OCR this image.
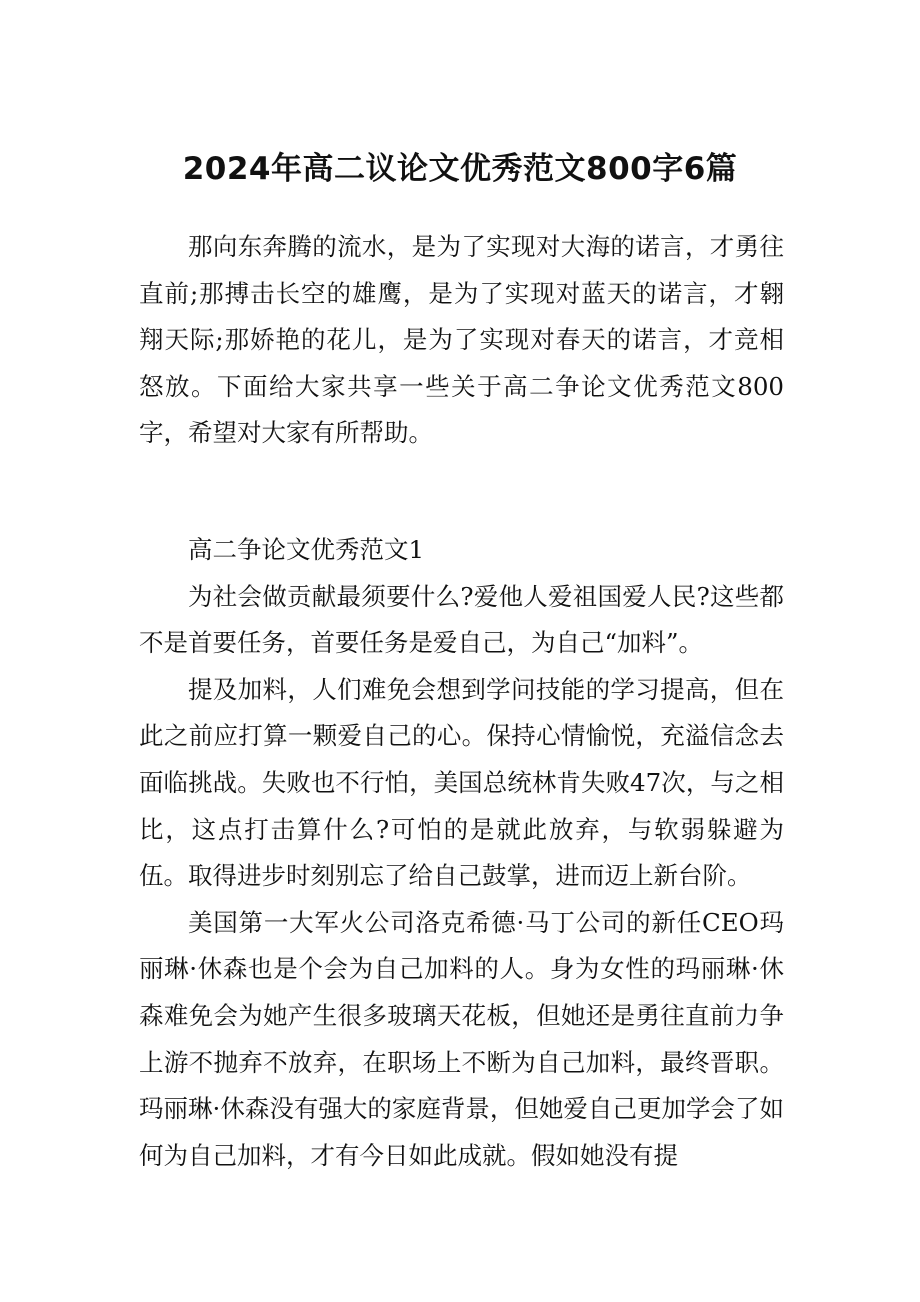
2024年高二议论文优秀范文800字6篇

那向东奔腾的流水，是为了实现对大海的诺言，才勇往直前;那搏击长空的雄鹰，是为了实现对蓝天的诺言，才翱翔天际;那娇艳的花儿，是为了实现对春天的诺言，才竞相怒放。下面给大家共享一些关于高二争论文优秀范文800字，希望对大家有所帮助。

高二争论文优秀范文1

为社会做贡献最须要什么?爱他人爱祖国爱人民?这些都不是首要任务，首要任务是爱自己，为自己“加料”。

提及加料，人们难免会想到学问技能的学习提高，但在此之前应打算一颗爱自己的心。保持心情愉悦，充溢信念去面临挑战。失败也不行怕，美国总统林肯失败47次，与之相比，这点打击算什么?可怕的是就此放弃，与软弱躲避为伍。取得进步时刻别忘了给自己鼓掌，进而迈上新台阶。

美国第一大军火公司洛克希德·马丁公司的新任CEO玛丽琳·休森也是个会为自己加料的人。身为女性的玛丽琳·休森难免会为她产生很多玻璃天花板，但她还是勇往直前力争上游不抛弃不放弃，在职场上不断为自己加料，最终晋职。玛丽琳·休森没有强大的家庭背景，但她爱自己更加学会了如何为自己加料，才有今日如此成就。假如她没有提
